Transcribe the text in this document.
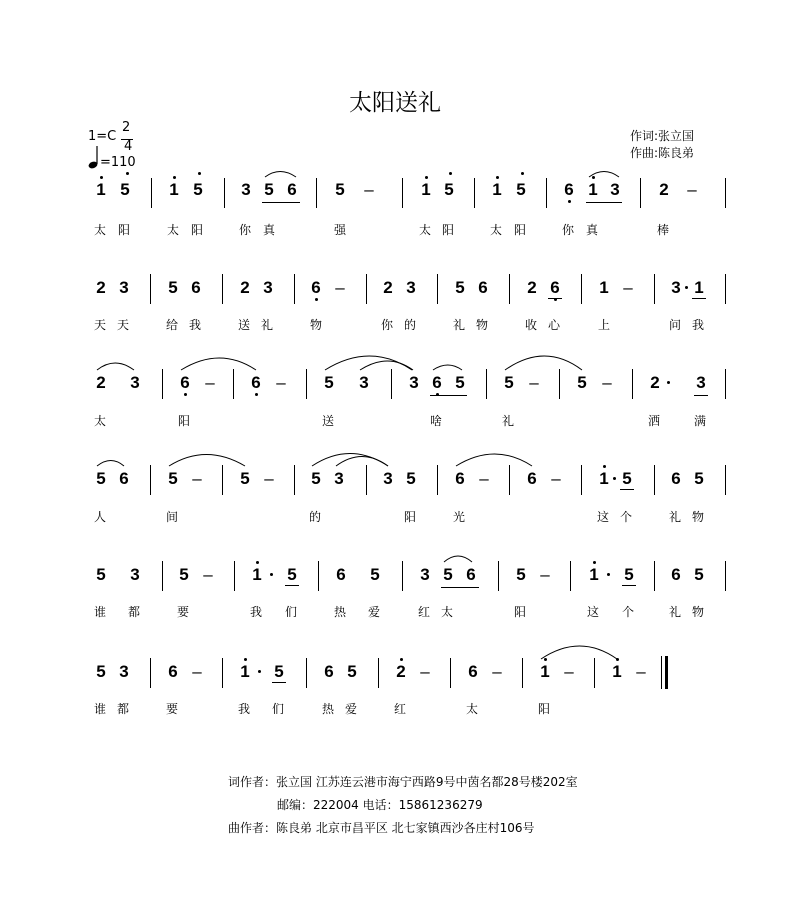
太阳送礼
1=C
2
4
=110
作词:张立国
作曲:陈良弟
1 5 1 5 3 5 6 5 –	1 5 1 5 6 1 3 2 –
太 阳	太 阳	你 真	强	太 阳	太 阳	你 真	棒
2 3 5 6 2 3 6 – 2 3 5 6 2 6 1 – 3 1
天 天	给 我	送 礼	物	你 的	礼 物	收 心	上	问 我
2 3 6 – 6 – 5 3 3 6 5 5 – 5 – 2 3
太	阳	送	啥	礼	洒	满
5 6 5 – 5 – 5 3 3 5 6 – 6 – 1 5 6 5
人	间	的	阳	光	这 个	礼 物
5 3 5 – 1 5 6 5 3 5 6 5 – 1 5 6 5
谁 都	要	我 们	热 爱	红 太	阳	这 个	礼 物
5 3 6 – 1 5 6 5 2 – 6 – 1 – 1 –
谁 都	要	我 们	热 爱	红	太	阳
词作者：张立国 江苏连云港市海宁西路9号中茵名都28号楼202室
邮编：222004 电话：15861236279
曲作者：陈良弟 北京市昌平区 北七家镇西沙各庄村106号
